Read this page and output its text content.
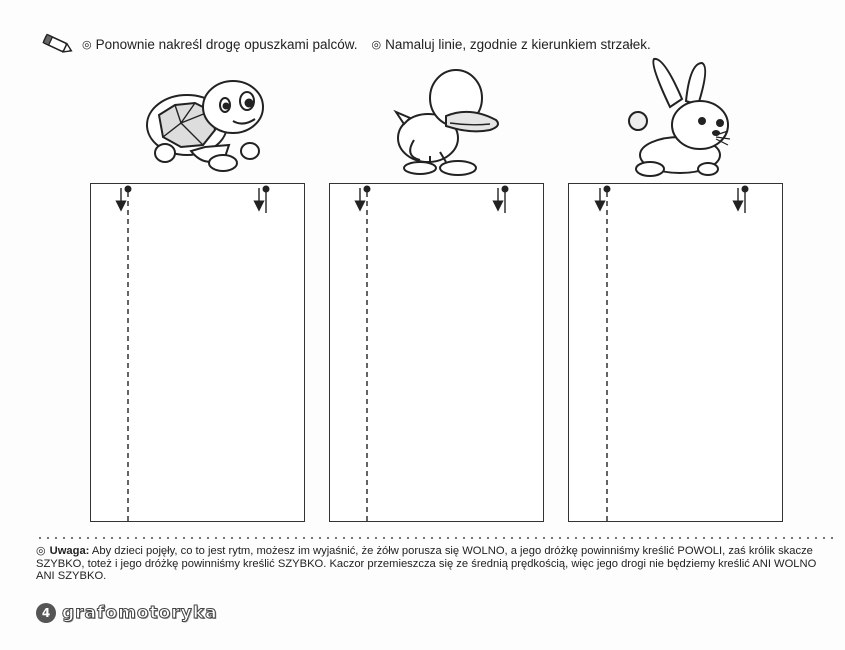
◎ Ponownie nakreśl drogę opuszkami palców. ◎ Namaluj linie, zgodnie z kierunkiem strzałek.
◎ Uwaga: Aby dzieci pojęły, co to jest rytm, możesz im wyjaśnić, że żółw porusza się WOLNO, a jego dróżkę powinniśmy kreślić POWOLI, zaś królik skacze SZYBKO, toteż i jego dróżkę powinniśmy kreślić SZYBKO. Kaczor przemieszcza się ze średnią prędkością, więc jego drogi nie będziemy kreślić ANI WOLNO ANI SZYBKO.
4 grafomotoryka
